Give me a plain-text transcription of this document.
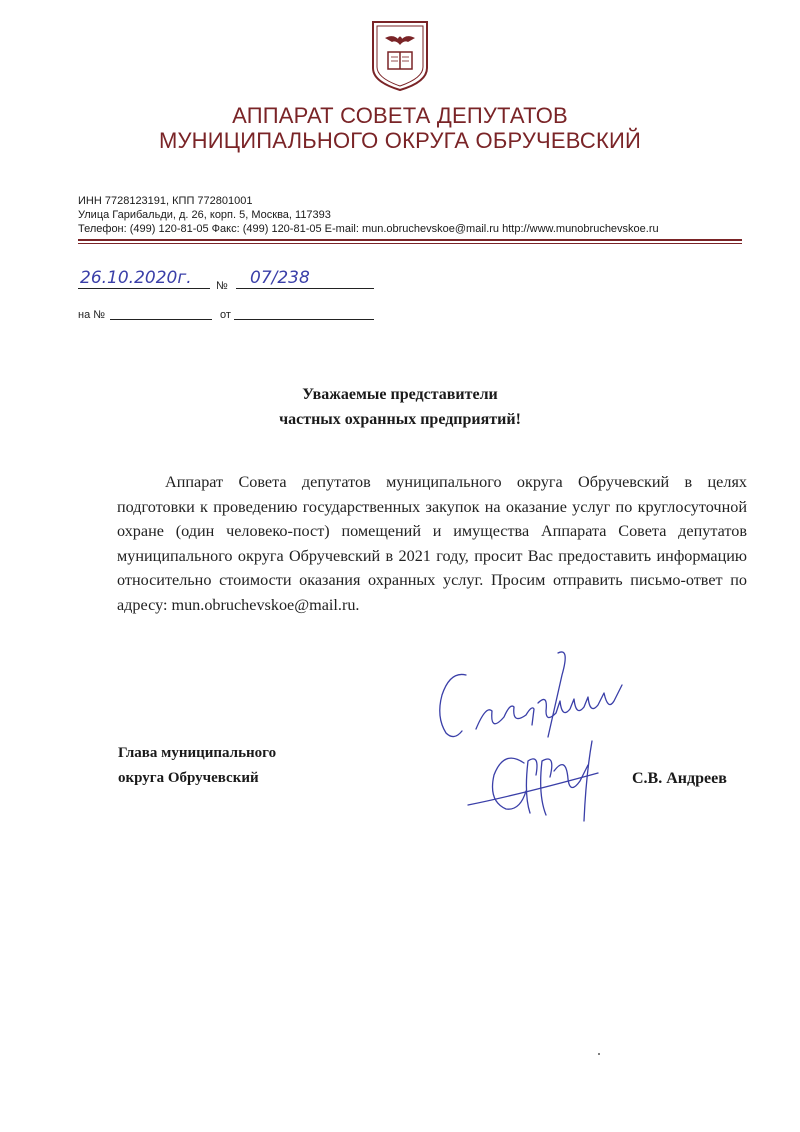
АППАРАТ СОВЕТА ДЕПУТАТОВ
МУНИЦИПАЛЬНОГО ОКРУГА ОБРУЧЕВСКИЙ
ИНН 7728123191, КПП 772801001
Улица Гарибальди, д. 26, корп. 5, Москва, 117393
Телефон: (499) 120-81-05 Факс: (499) 120-81-05 E-mail: mun.obruchevskoe@mail.ru http://www.munobruchevskoe.ru
26.10.2020г. № 07/238
на №	от
Уважаемые представители
частных охранных предприятий!

Аппарат Совета депутатов муниципального округа Обручевский в целях подготовки к проведению государственных закупок на оказание услуг по круглосуточной охране (один человеко-пост) помещений и имущества Аппарата Совета депутатов муниципального округа Обручевский в 2021 году, просит Вас предоставить информацию относительно стоимости оказания охранных услуг. Просим отправить письмо-ответ по адресу: mun.obruchevskoe@mail.ru.

Глава муниципального
округа Обручевский	С.В. Андреев
